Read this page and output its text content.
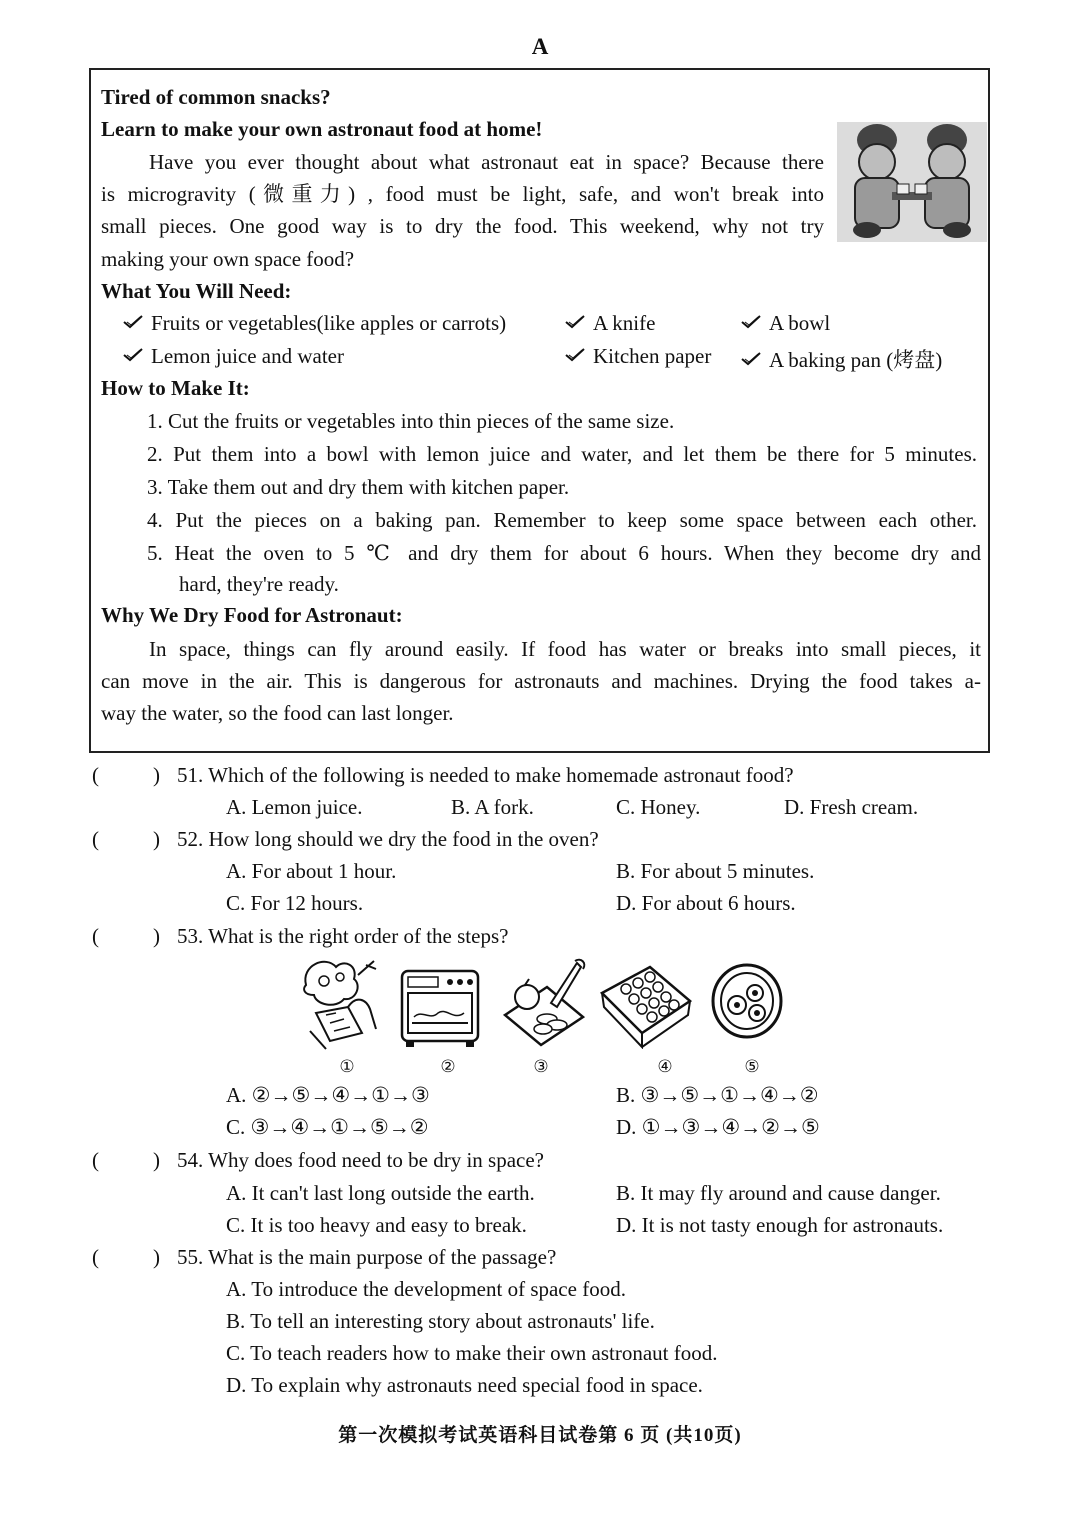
A
Tired of common snacks?
Learn to make your own astronaut food at home!
Have you ever thought about what astronaut eat in space? Because there
is microgravity (微重力) , food must be light, safe, and won't break into
small pieces. One good way is to dry the food. This weekend, why not try
making your own space food?
What You Will Need:
Fruits or vegetables(like apples or carrots)	A knife	A bowl
Lemon juice and water	Kitchen paper	A baking pan (烤盘)
How to Make It:
1. Cut the fruits or vegetables into thin pieces of the same size.
2. Put them into a bowl with lemon juice and water, and let them be there for 5 minutes.
3. Take them out and dry them with kitchen paper.
4. Put the pieces on a baking pan. Remember to keep some space between each other.
5. Heat the oven to 5 ℃ and dry them for about 6 hours. When they become dry and
hard, they're ready.
Why We Dry Food for Astronaut:
In space, things can fly around easily. If food has water or breaks into small pieces, it
can move in the air. This is dangerous for astronauts and machines. Drying the food takes a-
way the water, so the food can last longer.
(	) 51. Which of the following is needed to make homemade astronaut food?
A. Lemon juice.	B. A fork.	C. Honey.	D. Fresh cream.
(	) 52. How long should we dry the food in the oven?
A. For about 1 hour.	B. For about 5 minutes.
C. For 12 hours.	D. For about 6 hours.
(	) 53. What is the right order of the steps?
①	②	③	④	⑤
A. ②→⑤→④→①→③	B. ③→⑤→①→④→②
C. ③→④→①→⑤→②	D. ①→③→④→②→⑤
(	) 54. Why does food need to be dry in space?
A. It can't last long outside the earth.	B. It may fly around and cause danger.
C. It is too heavy and easy to break.	D. It is not tasty enough for astronauts.
(	) 55. What is the main purpose of the passage?
A. To introduce the development of space food.
B. To tell an interesting story about astronauts' life.
C. To teach readers how to make their own astronaut food.
D. To explain why astronauts need special food in space.
第一次模拟考试英语科目试卷第 6 页 (共10页)
